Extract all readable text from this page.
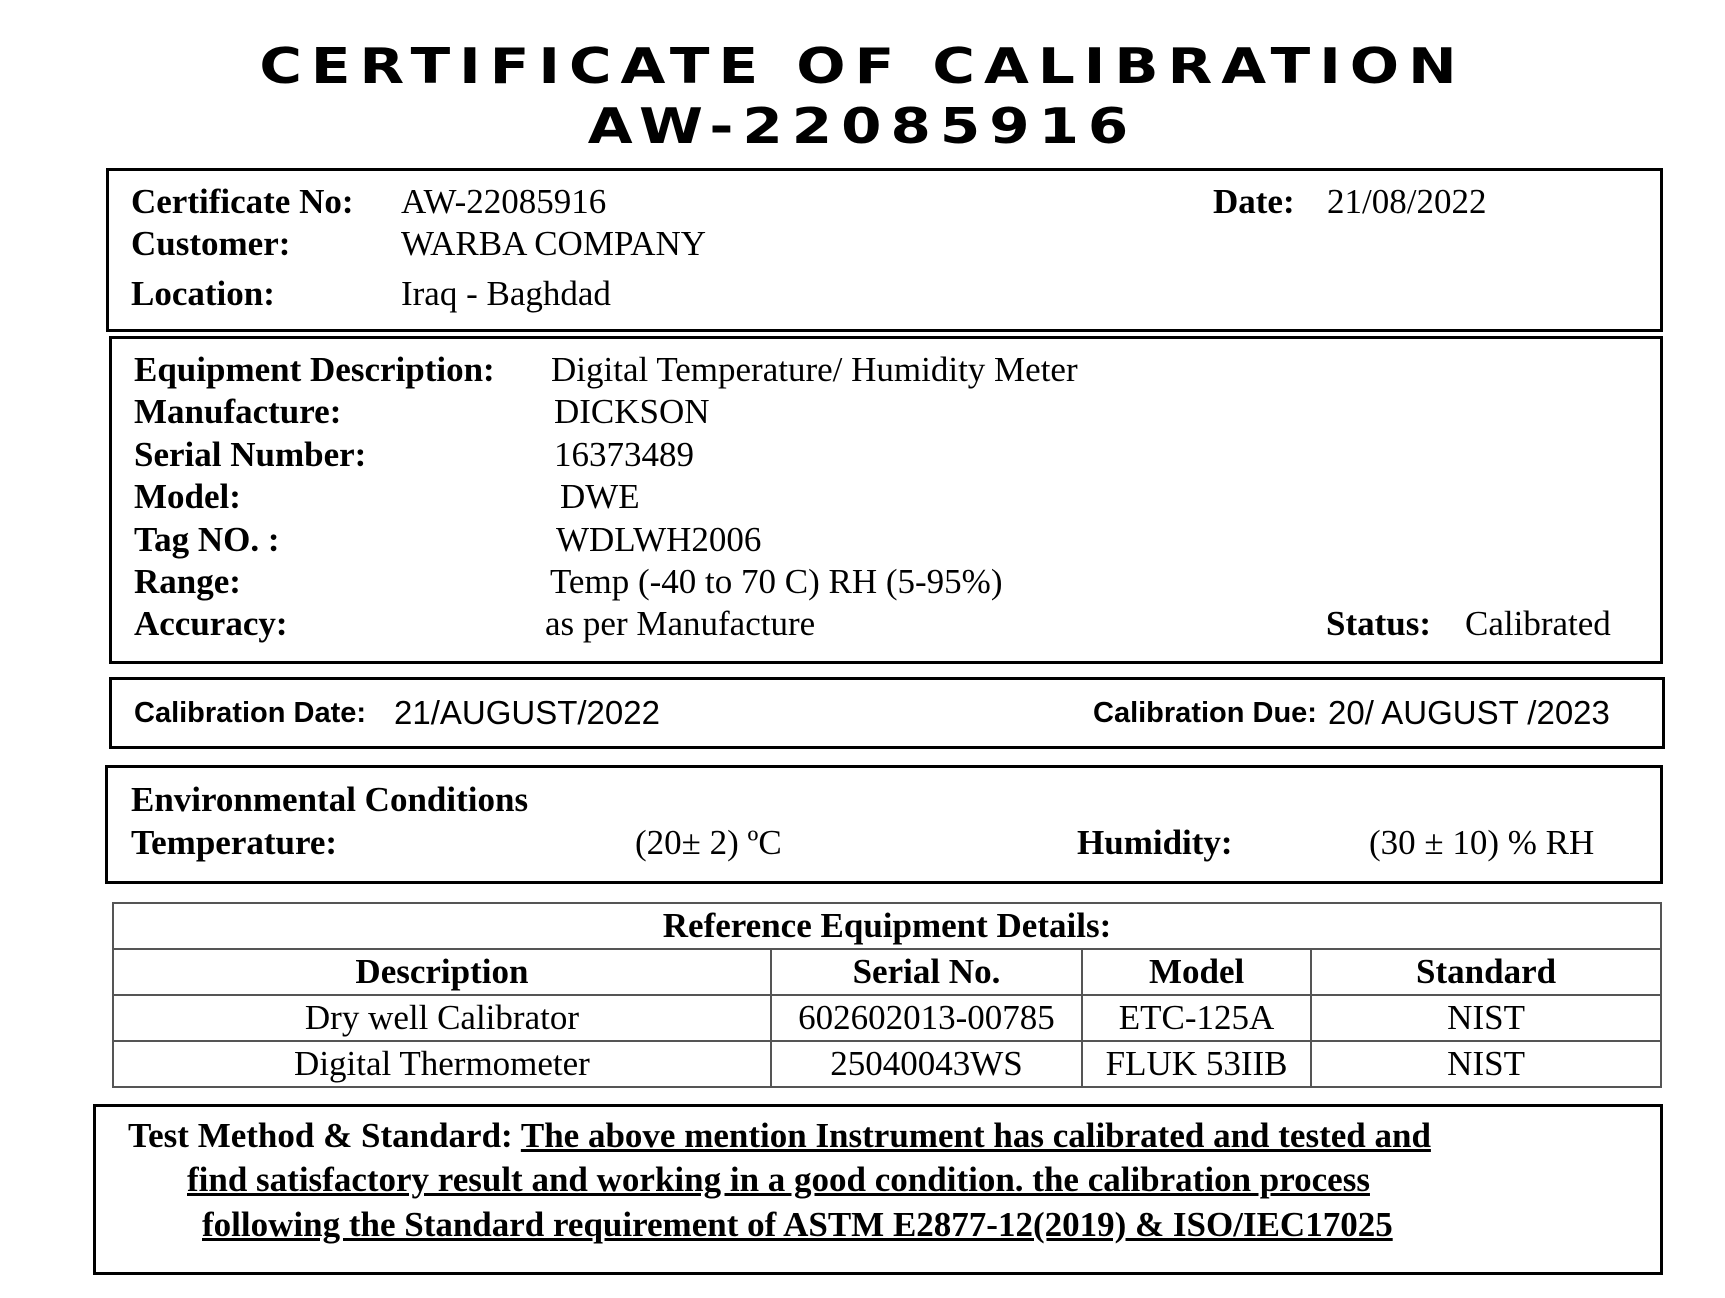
CERTIFICATE OF CALIBRATION
AW-22085916
Certificate No: AW-22085916	Date: 21/08/2022
Customer:	WARBA COMPANY
Location:	Iraq - Baghdad
Equipment Description: Digital Temperature/ Humidity Meter
Manufacture:	DICKSON
Serial Number:	16373489
Model:	DWE
Tag NO. :	WDLWH2006
Range:	Temp (-40 to 70 C) RH (5-95%)
Accuracy:	as per Manufacture	Status: Calibrated
Calibration Date: 21/AUGUST/2022	Calibration Due: 20/ AUGUST /2023
Environmental Conditions
Temperature:	(20± 2) ºC	Humidity:	(30 ± 10) % RH
Reference Equipment Details:			
Description	Serial No.	Model	Standard
Dry well Calibrator	602602013-00785	ETC-125A	NIST
Digital Thermometer	25040043WS	FLUK 53IIB	NIST
Test Method & Standard: The above mention Instrument has calibrated and tested and
find satisfactory result and working in a good condition. the calibration process
following the Standard requirement of ASTM E2877-12(2019) & ISO/IEC17025
